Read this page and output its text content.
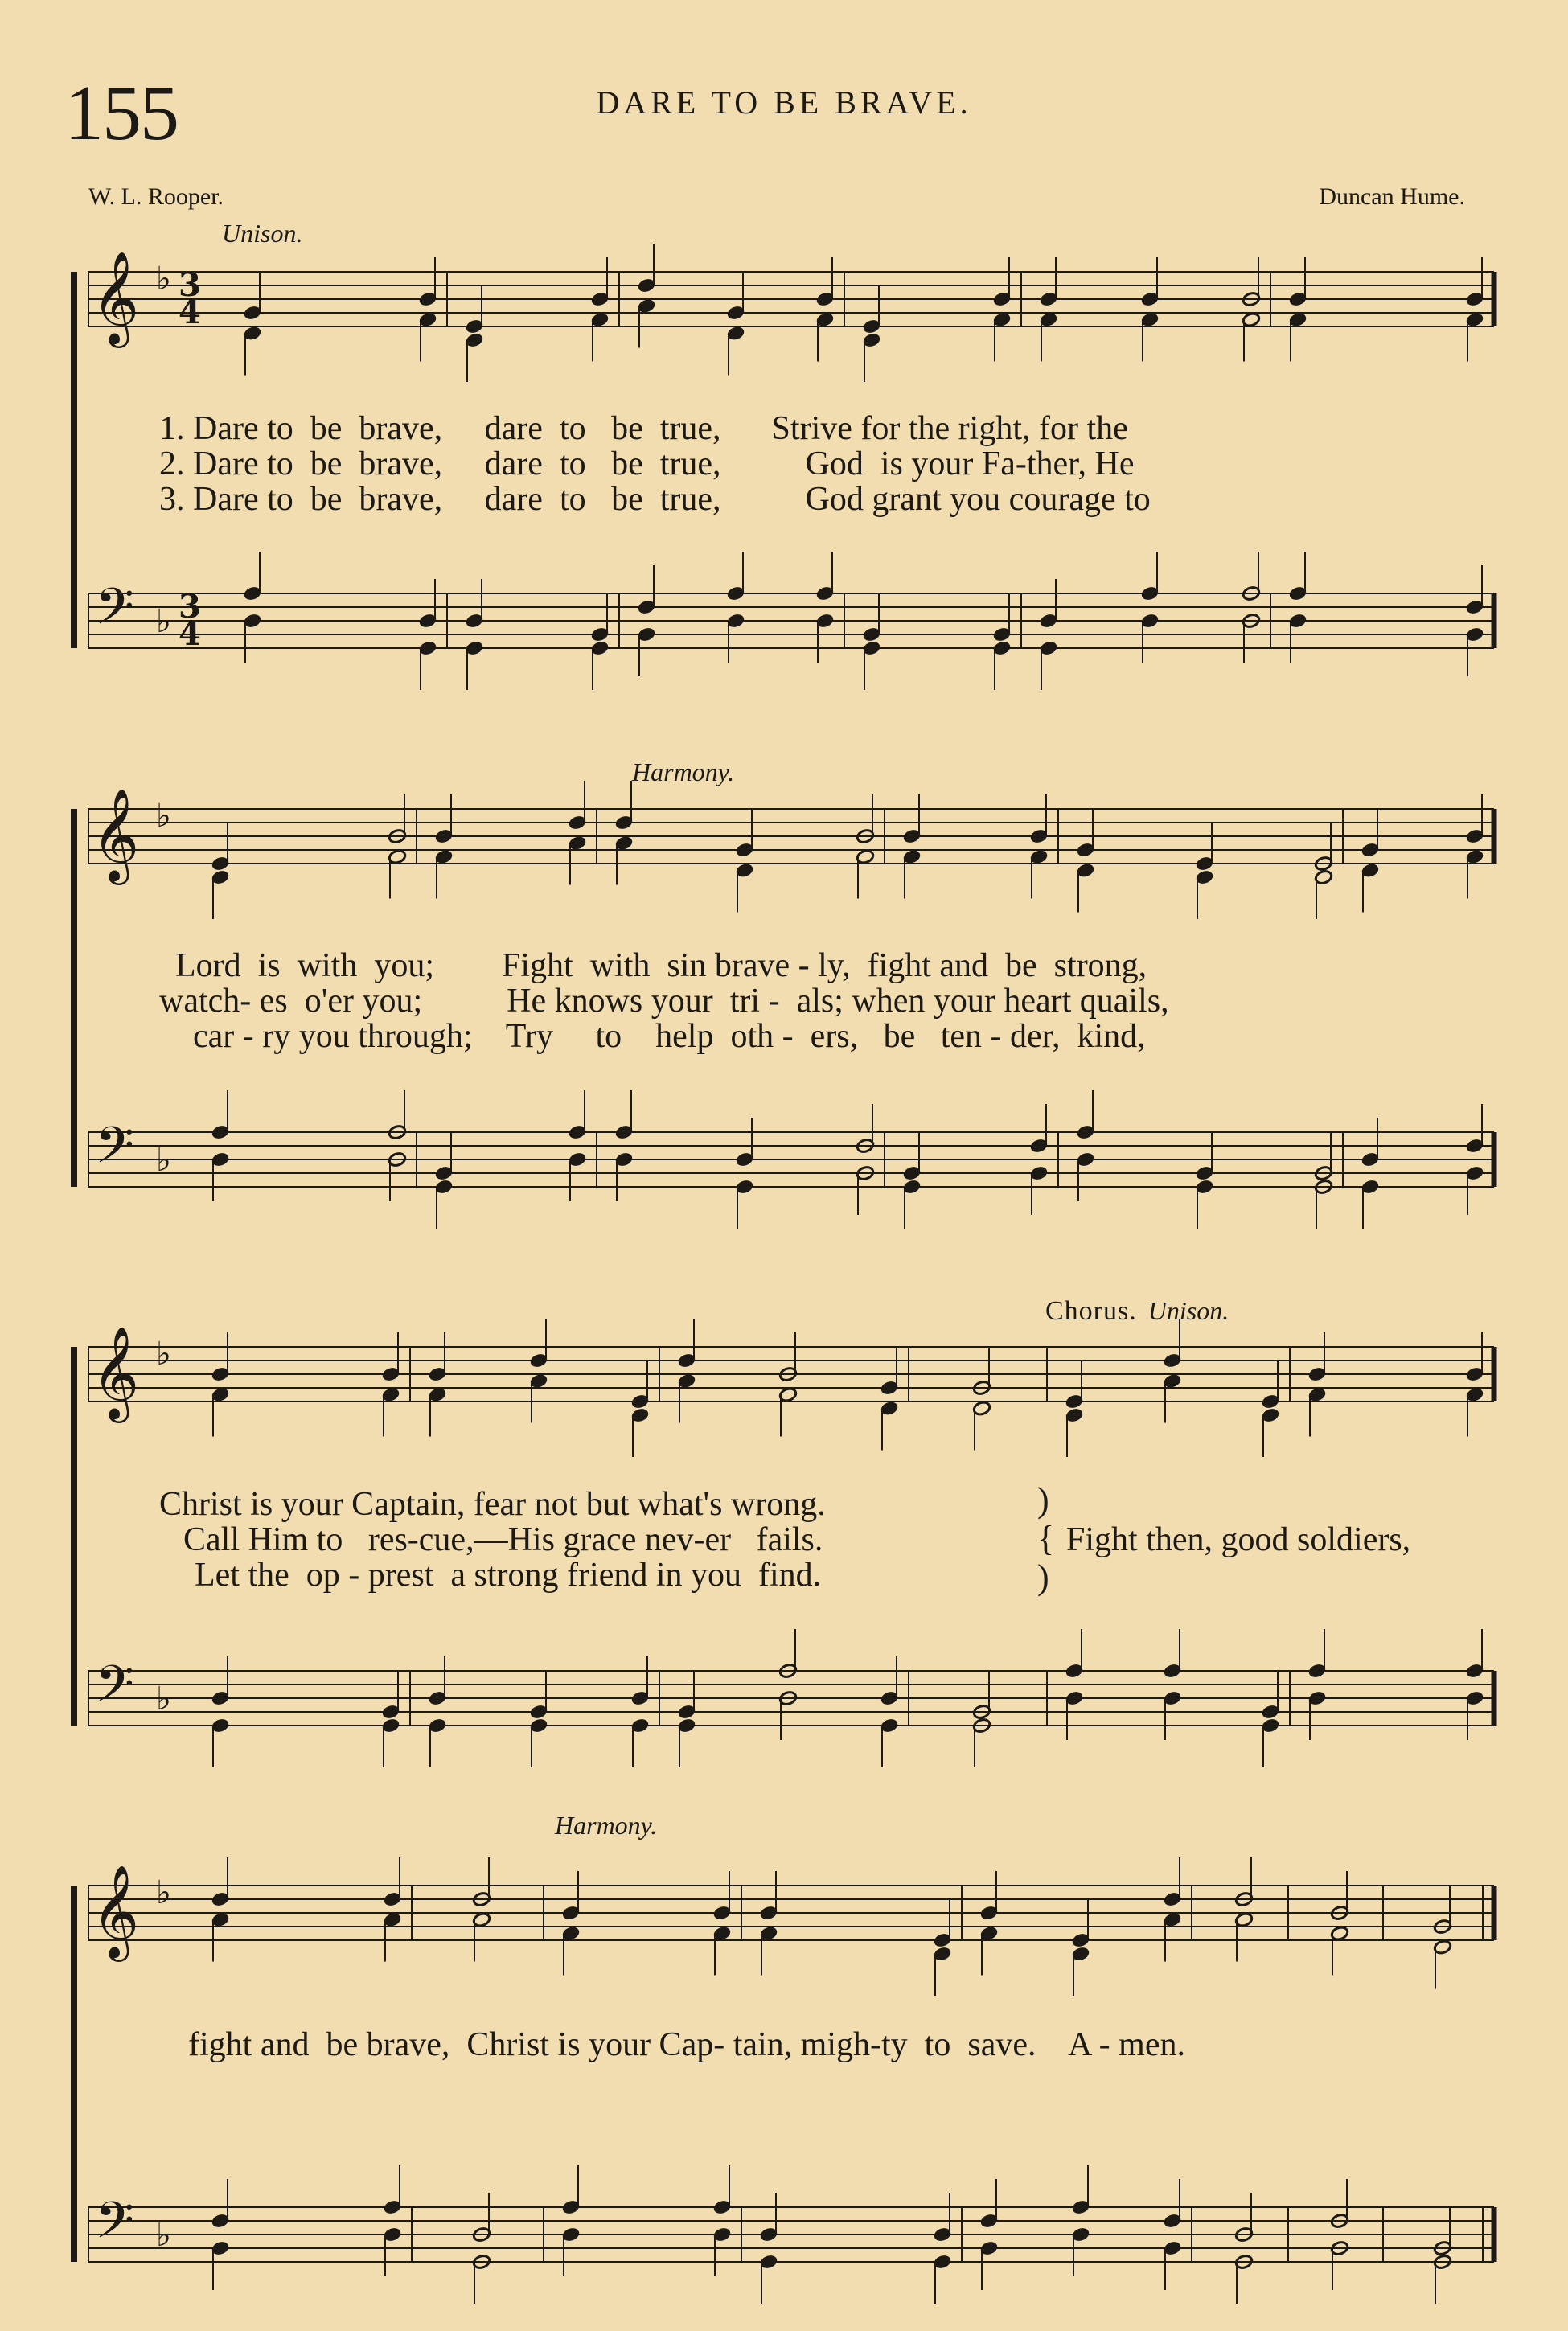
155	DARE TO BE BRAVE.
W. L. Rooper.	Duncan Hume.
Unison.
Harmony.
Chorus. Unison.
Harmony.
𝄞
𝄢
♭
♭
3
3
4
4
𝄞
𝄢
♭
♭
𝄞
𝄢
♭
♭
𝄞
𝄢
♭
♭
1. Dare to  be  brave,     dare  to   be  true,      Strive for the right, for the
2. Dare to  be  brave,     dare  to   be  true,          God  is your Fa-ther, He
3. Dare to  be  brave,     dare  to   be  true,          God grant you courage to
Lord  is  with  you;        Fight  with  sin brave - ly,  fight and  be  strong,
watch- es  o'er you;          He knows your  tri -  als; when your heart quails,
car - ry you through;    Try     to    help  oth -  ers,   be   ten - der,  kind,
Christ is your Captain, fear not but what's wrong.
Call Him to   res-cue,—His grace nev-er   fails.
Let the  op - prest  a strong friend in you  find.
)
{
)
Fight then, good soldiers,
fight and  be brave,  Christ is your Cap- tain, migh-ty  to  save.    A - men.
